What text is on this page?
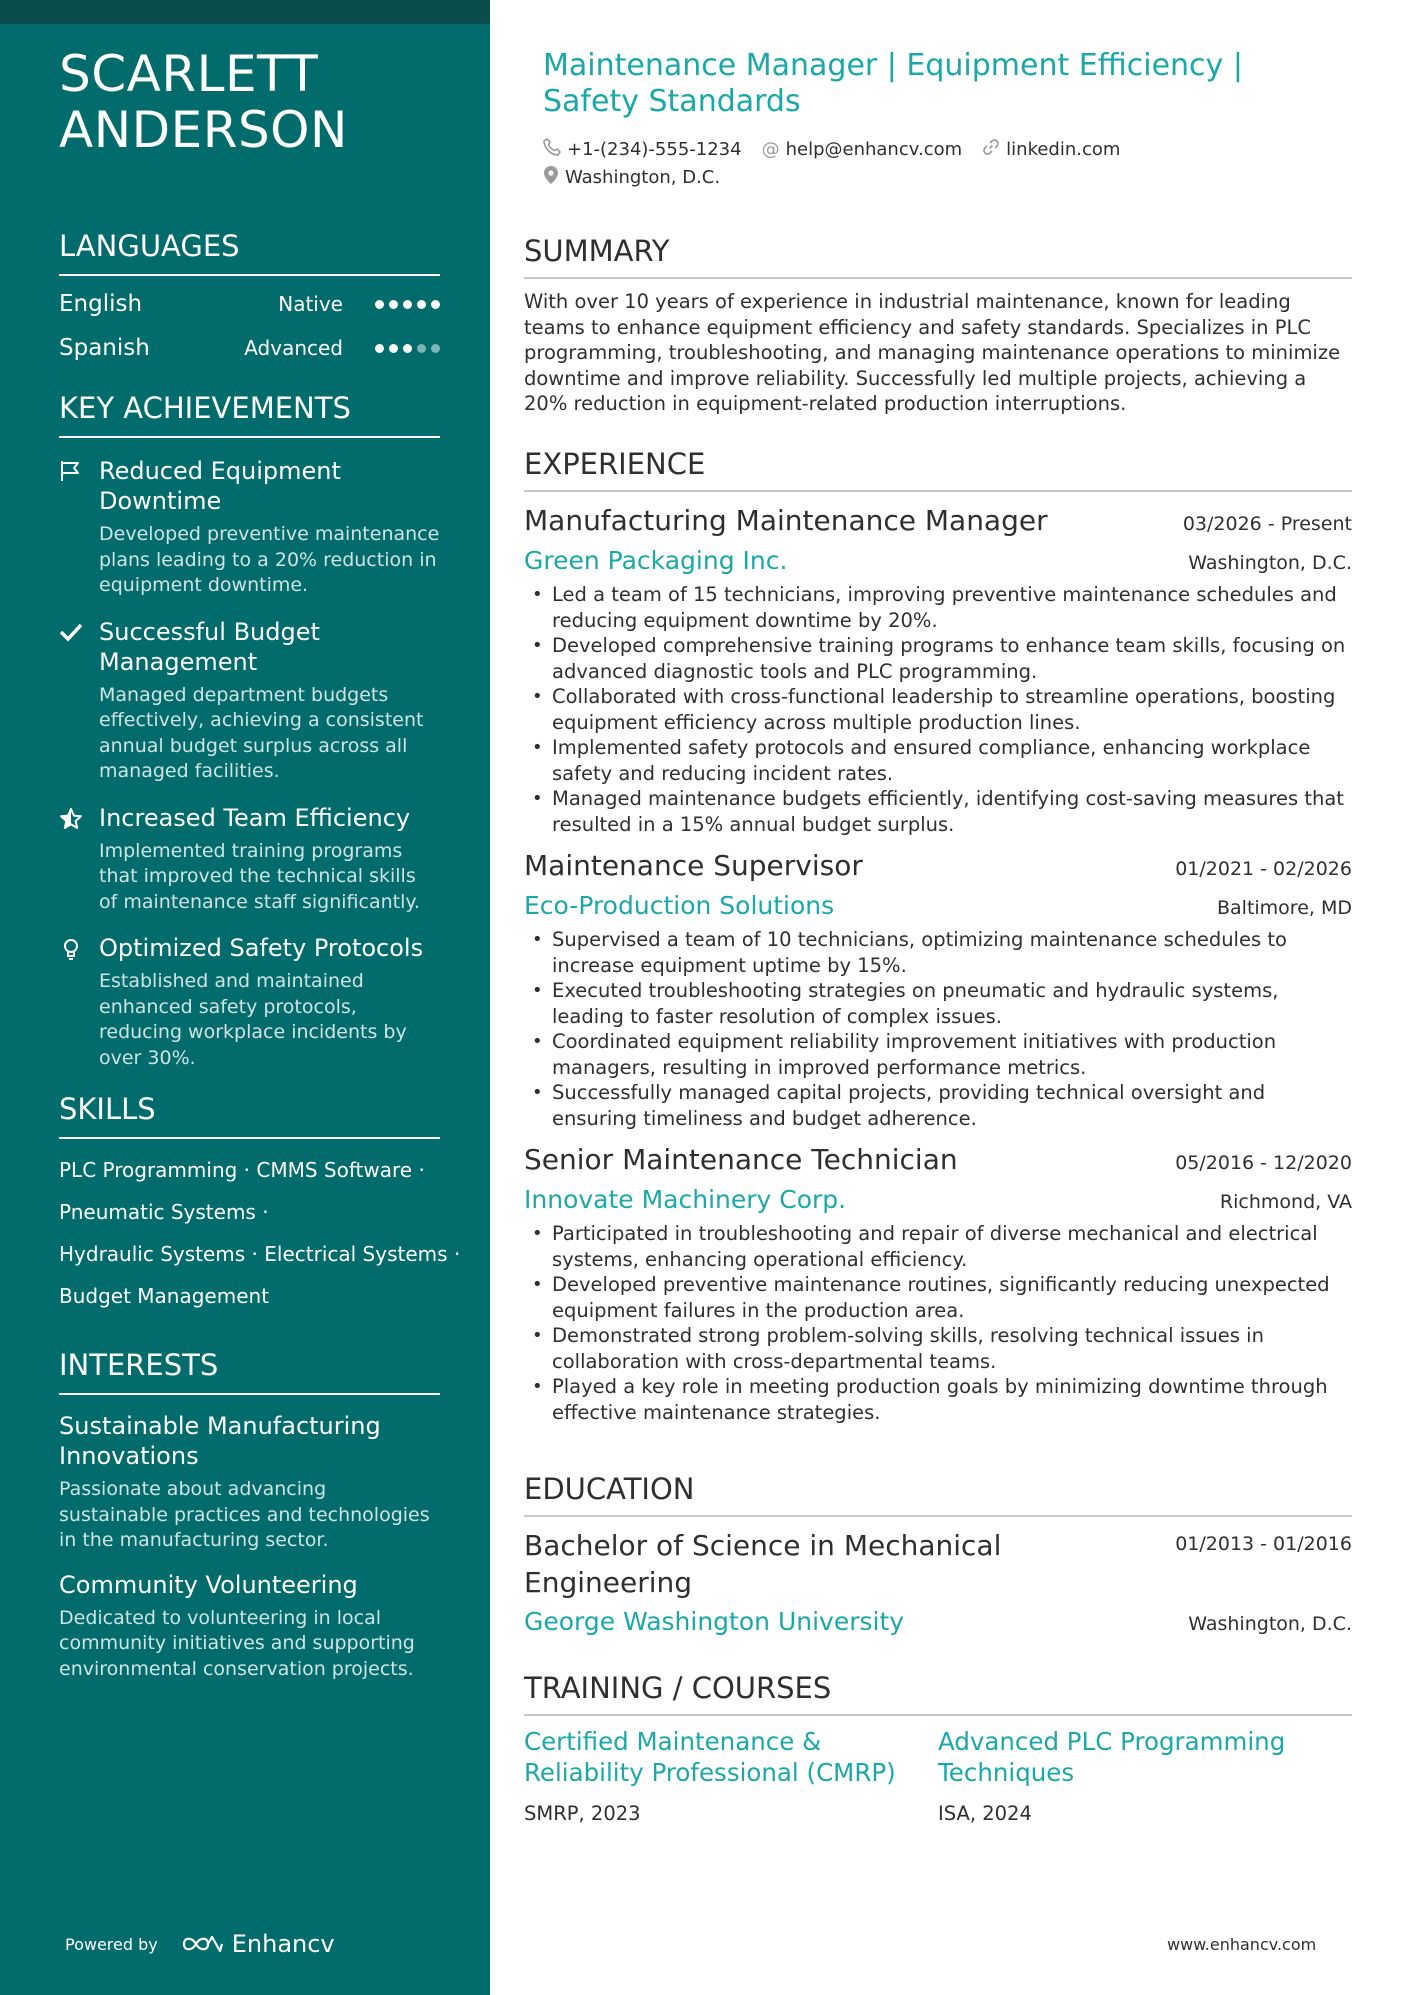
SCARLETT
ANDERSON
LANGUAGES
English	Native
Spanish	Advanced
KEY ACHIEVEMENTS
Reduced Equipment Downtime
Developed preventive maintenance plans leading to a 20% reduction in equipment downtime.
Successful Budget Management
Managed department budgets effectively, achieving a consistent annual budget surplus across all managed facilities.
Increased Team Efficiency
Implemented training programs that improved the technical skills of maintenance staff significantly.
Optimized Safety Protocols
Established and maintained enhanced safety protocols, reducing workplace incidents by over 30%.
SKILLS
PLC Programming · CMMS Software ·
Pneumatic Systems ·
Hydraulic Systems · Electrical Systems ·
Budget Management
INTERESTS
Sustainable Manufacturing Innovations
Passionate about advancing sustainable practices and technologies in the manufacturing sector.
Community Volunteering
Dedicated to volunteering in local community initiatives and supporting environmental conservation projects.
Powered by	Enhancv
Maintenance Manager | Equipment Efficiency | Safety Standards
+1-(234)-555-1234 @ help@enhancv.com linkedin.com
Washington, D.C.
SUMMARY
With over 10 years of experience in industrial maintenance, known for leading teams to enhance equipment efficiency and safety standards. Specializes in PLC programming, troubleshooting, and managing maintenance operations to minimize downtime and improve reliability. Successfully led multiple projects, achieving a 20% reduction in equipment-related production interruptions.
EXPERIENCE
Manufacturing Maintenance Manager	03/2026 - Present
Green Packaging Inc.	Washington, D.C.
• Led a team of 15 technicians, improving preventive maintenance schedules and reducing equipment downtime by 20%.
• Developed comprehensive training programs to enhance team skills, focusing on advanced diagnostic tools and PLC programming.
• Collaborated with cross-functional leadership to streamline operations, boosting equipment efficiency across multiple production lines.
• Implemented safety protocols and ensured compliance, enhancing workplace safety and reducing incident rates.
• Managed maintenance budgets efficiently, identifying cost-saving measures that resulted in a 15% annual budget surplus.
Maintenance Supervisor	01/2021 - 02/2026
Eco-Production Solutions	Baltimore, MD
• Supervised a team of 10 technicians, optimizing maintenance schedules to increase equipment uptime by 15%.
• Executed troubleshooting strategies on pneumatic and hydraulic systems, leading to faster resolution of complex issues.
• Coordinated equipment reliability improvement initiatives with production managers, resulting in improved performance metrics.
• Successfully managed capital projects, providing technical oversight and ensuring timeliness and budget adherence.
Senior Maintenance Technician	05/2016 - 12/2020
Innovate Machinery Corp.	Richmond, VA
• Participated in troubleshooting and repair of diverse mechanical and electrical systems, enhancing operational efficiency.
• Developed preventive maintenance routines, significantly reducing unexpected equipment failures in the production area.
• Demonstrated strong problem-solving skills, resolving technical issues in collaboration with cross-departmental teams.
• Played a key role in meeting production goals by minimizing downtime through effective maintenance strategies.
EDUCATION
Bachelor of Science in Mechanical Engineering
01/2013 - 01/2016
George Washington University	Washington, D.C.
TRAINING / COURSES
Certified Maintenance & Reliability Professional (CMRP)
SMRP, 2023
Advanced PLC Programming Techniques
ISA, 2024
www.enhancv.com
